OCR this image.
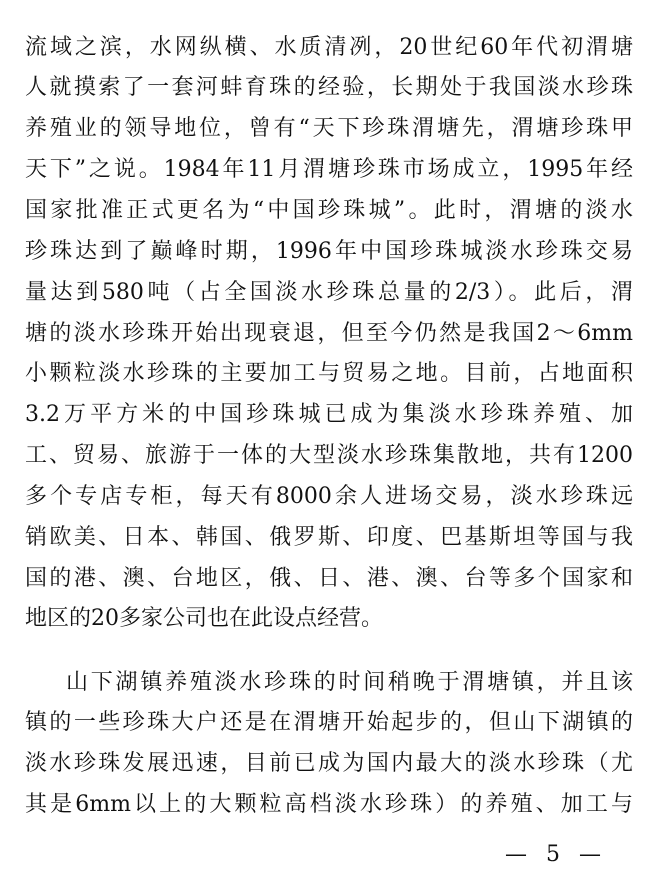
流域之滨，水网纵横、水质清冽，20世纪60年代初渭塘
人就摸索了一套河蚌育珠的经验，长期处于我国淡水珍珠
养殖业的领导地位，曾有“天下珍珠渭塘先，渭塘珍珠甲
天下”之说。1984年11月渭塘珍珠市场成立，1995年经
国家批准正式更名为“中国珍珠城”。此时，渭塘的淡水
珍珠达到了巅峰时期，1996年中国珍珠城淡水珍珠交易
量达到580吨（占全国淡水珍珠总量的2/3）。此后，渭
塘的淡水珍珠开始出现衰退，但至今仍然是我国2～6mm
小颗粒淡水珍珠的主要加工与贸易之地。目前，占地面积
3.2万平方米的中国珍珠城已成为集淡水珍珠养殖、加
工、贸易、旅游于一体的大型淡水珍珠集散地，共有1200
多个专店专柜，每天有8000余人进场交易，淡水珍珠远
销欧美、日本、韩国、俄罗斯、印度、巴基斯坦等国与我
国的港、澳、台地区，俄、日、港、澳、台等多个国家和
地区的20多家公司也在此设点经营。
山下湖镇养殖淡水珍珠的时间稍晚于渭塘镇，并且该
镇的一些珍珠大户还是在渭塘开始起步的，但山下湖镇的
淡水珍珠发展迅速，目前已成为国内最大的淡水珍珠（尤
其是6mm以上的大颗粒高档淡水珍珠）的养殖、加工与
— 5 —
